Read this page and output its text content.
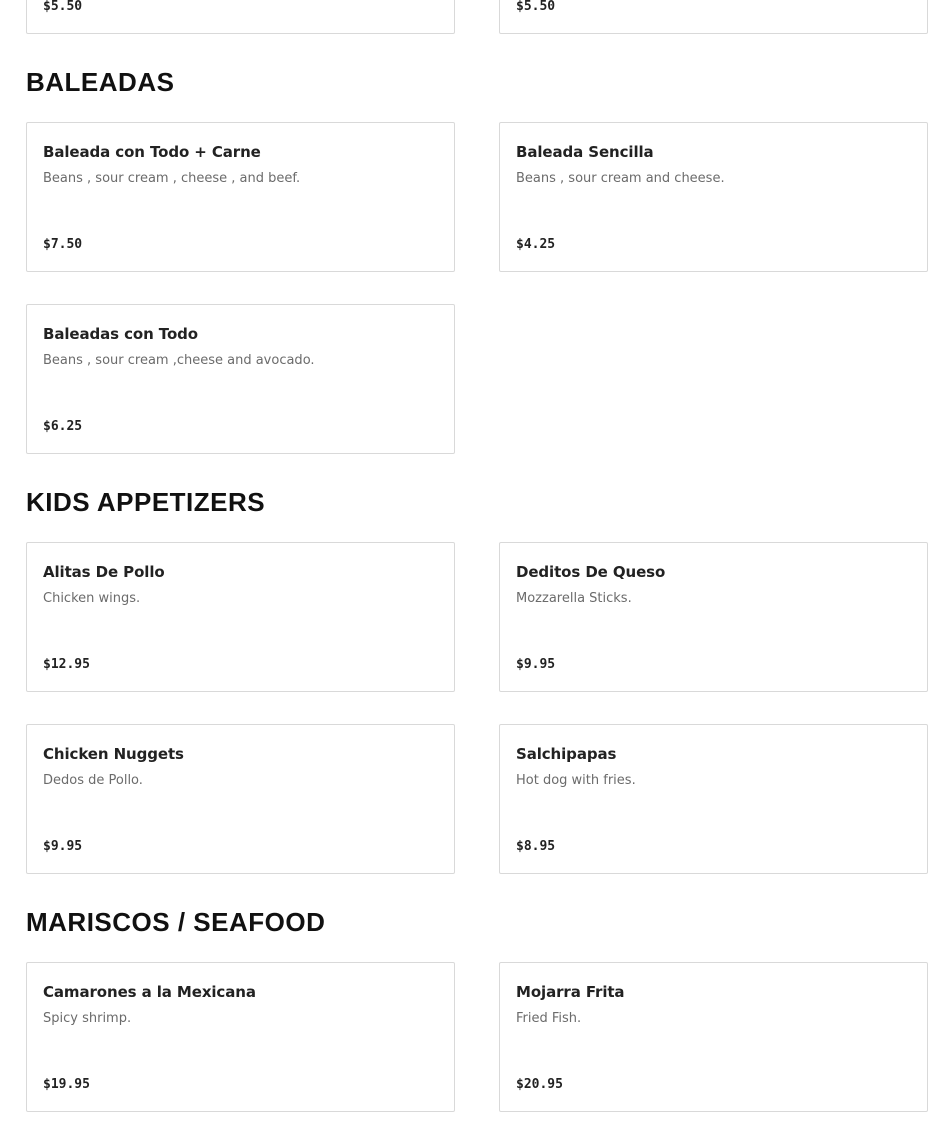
$5.50	$5.50
BALEADAS
Baleada con Todo + Carne
Beans , sour cream , cheese , and beef.
$7.50
Baleada Sencilla
Beans , sour cream and cheese.
$4.25
Baleadas con Todo
Beans , sour cream ,cheese and avocado.
$6.25
KIDS APPETIZERS
Alitas De Pollo
Chicken wings.
$12.95
Deditos De Queso
Mozzarella Sticks.
$9.95
Chicken Nuggets
Dedos de Pollo.
$9.95
Salchipapas
Hot dog with fries.
$8.95
MARISCOS / SEAFOOD
Camarones a la Mexicana
Spicy shrimp.
$19.95
Mojarra Frita
Fried Fish.
$20.95
